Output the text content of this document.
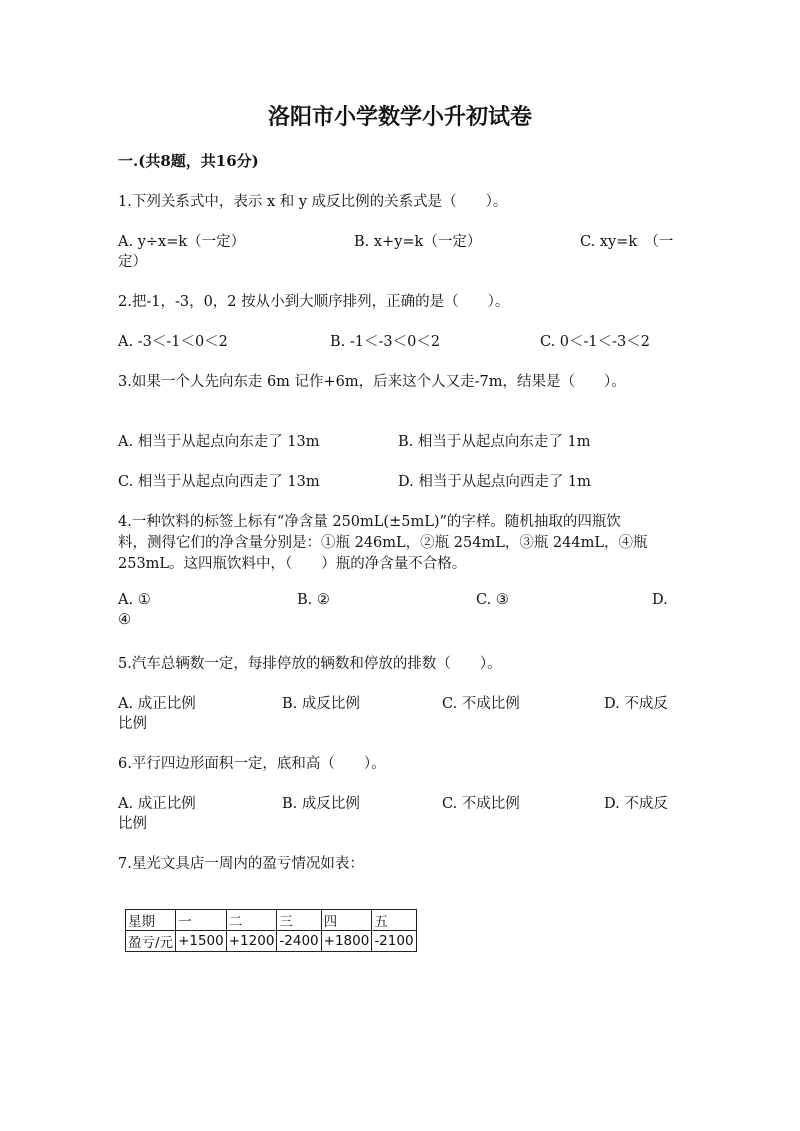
洛阳市小学数学小升初试卷
一.(共8题，共16分)
1.下列关系式中，表示 x 和 y 成反比例的关系式是（　　）。
A. y÷x=k（一定）	B. x+y=k（一定）	C. xy=k　（一
定）
2.把-1，-3，0，2 按从小到大顺序排列，正确的是（　　）。
A. -3＜-1＜0＜2	B. -1＜-3＜0＜2	C. 0＜-1＜-3＜2
3.如果一个人先向东走 6m 记作+6m，后来这个人又走-7m，结果是（　　）。
A. 相当于从起点向东走了 13m	B. 相当于从起点向东走了 1m
C. 相当于从起点向西走了 13m	D. 相当于从起点向西走了 1m
4.一种饮料的标签上标有“净含量 250mL(±5mL)”的字样。随机抽取的四瓶饮
料，测得它们的净含量分别是：①瓶 246mL，②瓶 254mL，③瓶 244mL，④瓶
253mL。这四瓶饮料中，（　　）瓶的净含量不合格。
A. ①	B. ②	C. ③	D.
④
5.汽车总辆数一定，每排停放的辆数和停放的排数（　　）。
A. 成正比例	B. 成反比例	C. 不成比例	D. 不成反
比例
6.平行四边形面积一定，底和高（　　）。
A. 成正比例	B. 成反比例	C. 不成比例	D. 不成反
比例
7.星光文具店一周内的盈亏情况如表：
星期	一	二	三	四	五
盈亏/元	+1500	+1200	-2400	+1800	-2100
